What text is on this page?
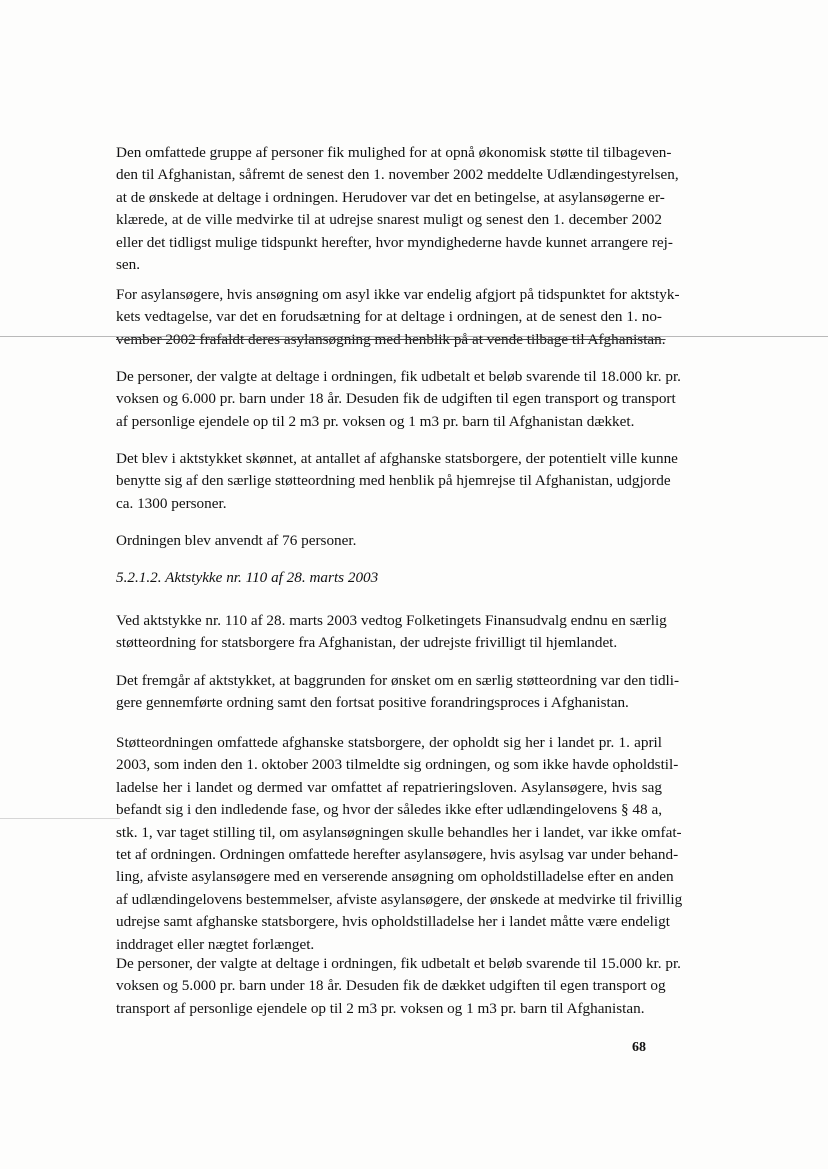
Den omfattede gruppe af personer fik mulighed for at opnå økonomisk støtte til tilbageven-
den til Afghanistan, såfremt de senest den 1. november 2002 meddelte Udlændingestyrelsen,
at de ønskede at deltage i ordningen. Herudover var det en betingelse, at asylansøgerne er-
klærede, at de ville medvirke til at udrejse snarest muligt og senest den 1. december 2002
eller det tidligst mulige tidspunkt herefter, hvor myndighederne havde kunnet arrangere rej-
sen.

For asylansøgere, hvis ansøgning om asyl ikke var endelig afgjort på tidspunktet for aktstyk-
kets vedtagelse, var det en forudsætning for at deltage i ordningen, at de senest den 1. no-
vember 2002 frafaldt deres asylansøgning med henblik på at vende tilbage til Afghanistan.

De personer, der valgte at deltage i ordningen, fik udbetalt et beløb svarende til 18.000 kr. pr.
voksen og 6.000 pr. barn under 18 år. Desuden fik de udgiften til egen transport og transport
af personlige ejendele op til 2 m3 pr. voksen og 1 m3 pr. barn til Afghanistan dækket.

Det blev i aktstykket skønnet, at antallet af afghanske statsborgere, der potentielt ville kunne
benytte sig af den særlige støtteordning med henblik på hjemrejse til Afghanistan, udgjorde
ca. 1300 personer.

Ordningen blev anvendt af 76 personer.

5.2.1.2. Aktstykke nr. 110 af 28. marts 2003

Ved aktstykke nr. 110 af 28. marts 2003 vedtog Folketingets Finansudvalg endnu en særlig
støtteordning for statsborgere fra Afghanistan, der udrejste frivilligt til hjemlandet.

Det fremgår af aktstykket, at baggrunden for ønsket om en særlig støtteordning var den tidli-
gere gennemførte ordning samt den fortsat positive forandringsproces i Afghanistan.

Støtteordningen omfattede afghanske statsborgere, der opholdt sig her i landet pr. 1. april
2003, som inden den 1. oktober 2003 tilmeldte sig ordningen, og som ikke havde opholdstil-
ladelse her i landet og dermed var omfattet af repatrieringsloven. Asylansøgere, hvis sag
befandt sig i den indledende fase, og hvor der således ikke efter udlændingelovens § 48 a,
stk. 1, var taget stilling til, om asylansøgningen skulle behandles her i landet, var ikke omfat-
tet af ordningen. Ordningen omfattede herefter asylansøgere, hvis asylsag var under behand-
ling, afviste asylansøgere med en verserende ansøgning om opholdstilladelse efter en anden
af udlændingelovens bestemmelser, afviste asylansøgere, der ønskede at medvirke til frivillig
udrejse samt afghanske statsborgere, hvis opholdstilladelse her i landet måtte være endeligt
inddraget eller nægtet forlænget.

De personer, der valgte at deltage i ordningen, fik udbetalt et beløb svarende til 15.000 kr. pr.
voksen og 5.000 pr. barn under 18 år. Desuden fik de dækket udgiften til egen transport og
transport af personlige ejendele op til 2 m3 pr. voksen og 1 m3 pr. barn til Afghanistan.

68
